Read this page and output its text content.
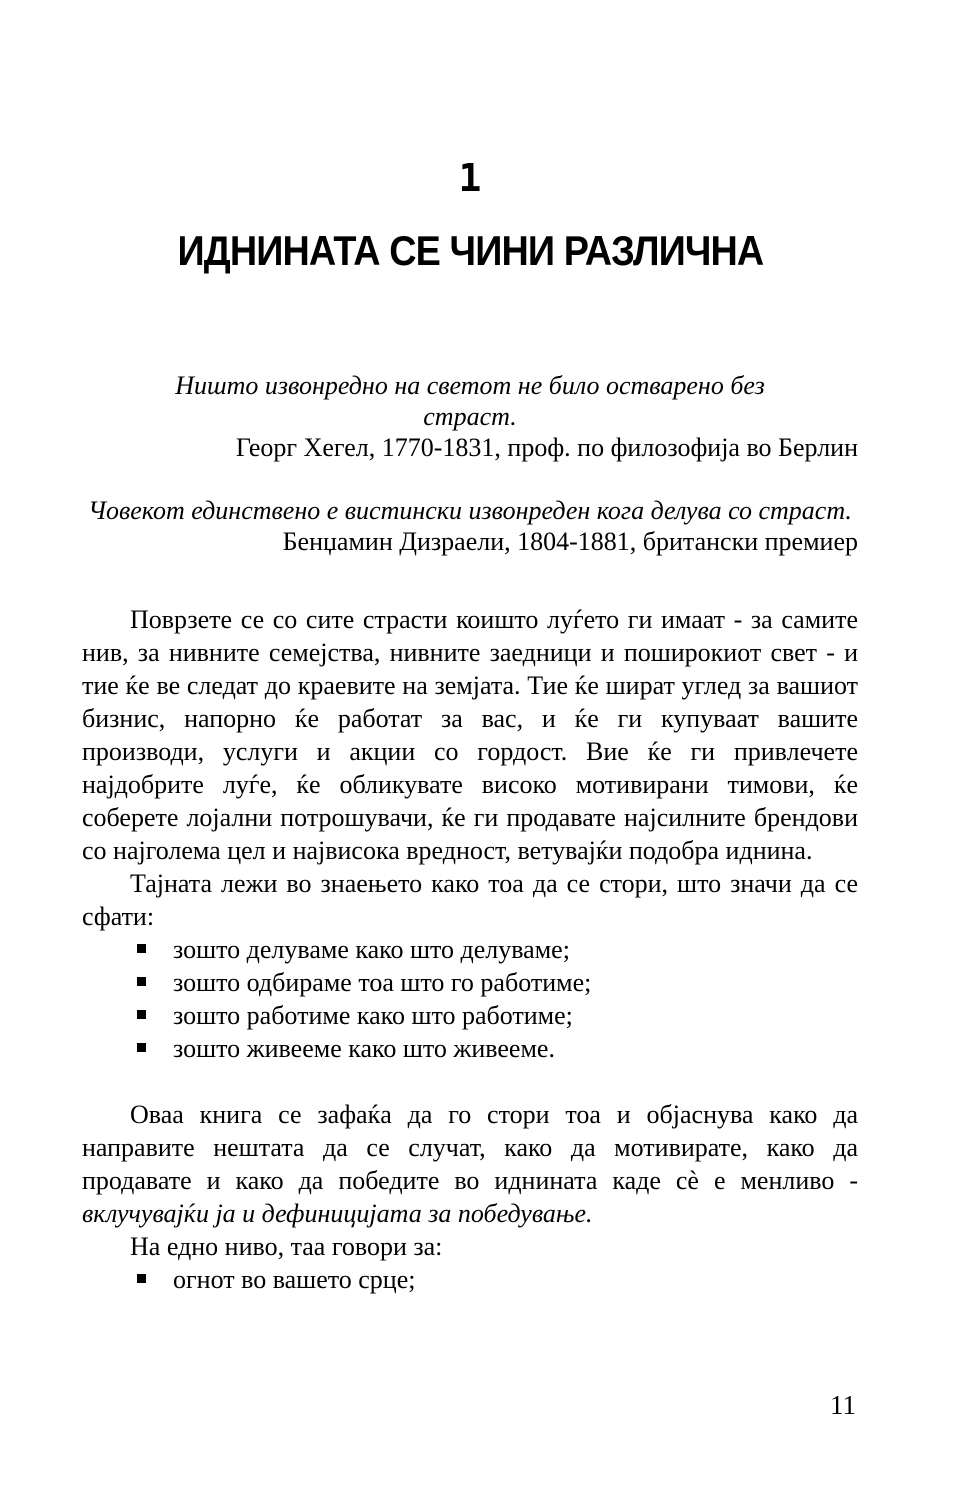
1
ИДНИНАТА СЕ ЧИНИ РАЗЛИЧНА

Ништо извонредно на светот не било остварено без страст.

Георг Хегел, 1770-1831, проф. по филозофија во Берлин

Човекот единствено е вистински извонреден кога делува со страст.

Бенџамин Дизраели, 1804-1881, британски премиер

Поврзете се со сите страсти коишто луѓето ги имаат - за самите нив, за нивните семејства, нивните заедници и поширокиот свет - и тие ќе ве следат до краевите на земјата. Тие ќе шират углед за вашиот бизнис, напорно ќе работат за вас, и ќе ги купуваат вашите производи, услуги и акции со гордост. Вие ќе ги привлечете најдобрите луѓе, ќе обликувате високо мотивирани тимови, ќе соберете лојални потрошувачи, ќе ги продавате најсилните брендови со најголема цел и највисока вредност, ветувајќи подобра иднина.

Тајната лежи во знаењето како тоа да се стори, што значи да се сфати:

зошто делуваме како што делуваме;
зошто одбираме тоа што го работиме;
зошто работиме како што работиме;
зошто живееме како што живееме.

Оваа книга се зафаќа да го стори тоа и објаснува како да направите нештата да се случат, како да мотивирате, како да продавате и како да победите во иднината каде сѐ е менливо - вклучувајќи ја и дефиницијата за победување.

На едно ниво, таа говори за:

огнот во вашето срце;
11
